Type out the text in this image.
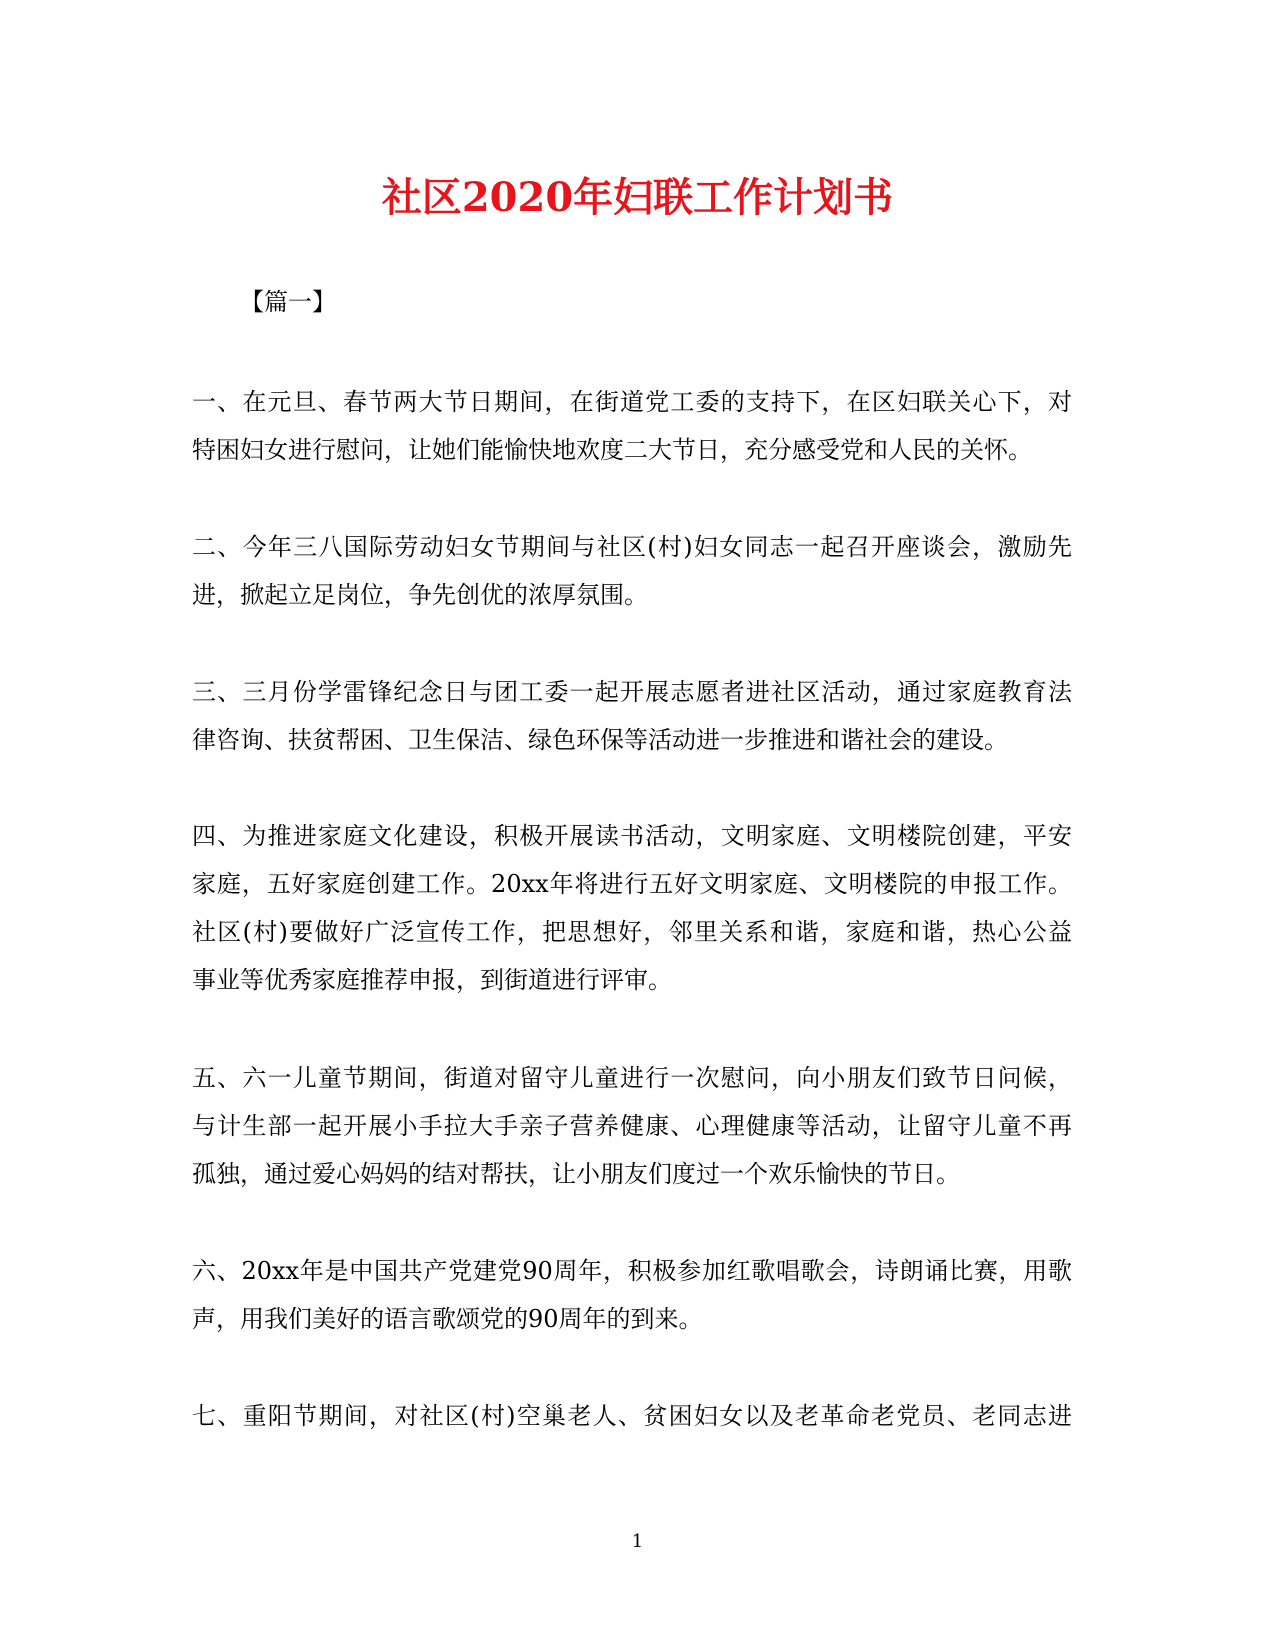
社区2020年妇联工作计划书

【篇一】

一、在元旦、春节两大节日期间，在街道党工委的支持下，在区妇联关心下，对
特困妇女进行慰问，让她们能愉快地欢度二大节日，充分感受党和人民的关怀。

二、今年三八国际劳动妇女节期间与社区(村)妇女同志一起召开座谈会，激励先
进，掀起立足岗位，争先创优的浓厚氛围。

三、三月份学雷锋纪念日与团工委一起开展志愿者进社区活动，通过家庭教育法
律咨询、扶贫帮困、卫生保洁、绿色环保等活动进一步推进和谐社会的建设。

四、为推进家庭文化建设，积极开展读书活动，文明家庭、文明楼院创建，平安
家庭，五好家庭创建工作。20xx年将进行五好文明家庭、文明楼院的申报工作。
社区(村)要做好广泛宣传工作，把思想好，邻里关系和谐，家庭和谐，热心公益
事业等优秀家庭推荐申报，到街道进行评审。

五、六一儿童节期间，街道对留守儿童进行一次慰问，向小朋友们致节日问候，
与计生部一起开展小手拉大手亲子营养健康、心理健康等活动，让留守儿童不再
孤独，通过爱心妈妈的结对帮扶，让小朋友们度过一个欢乐愉快的节日。

六、20xx年是中国共产党建党90周年，积极参加红歌唱歌会，诗朗诵比赛，用歌
声，用我们美好的语言歌颂党的90周年的到来。

七、重阳节期间，对社区(村)空巢老人、贫困妇女以及老革命老党员、老同志进

1
